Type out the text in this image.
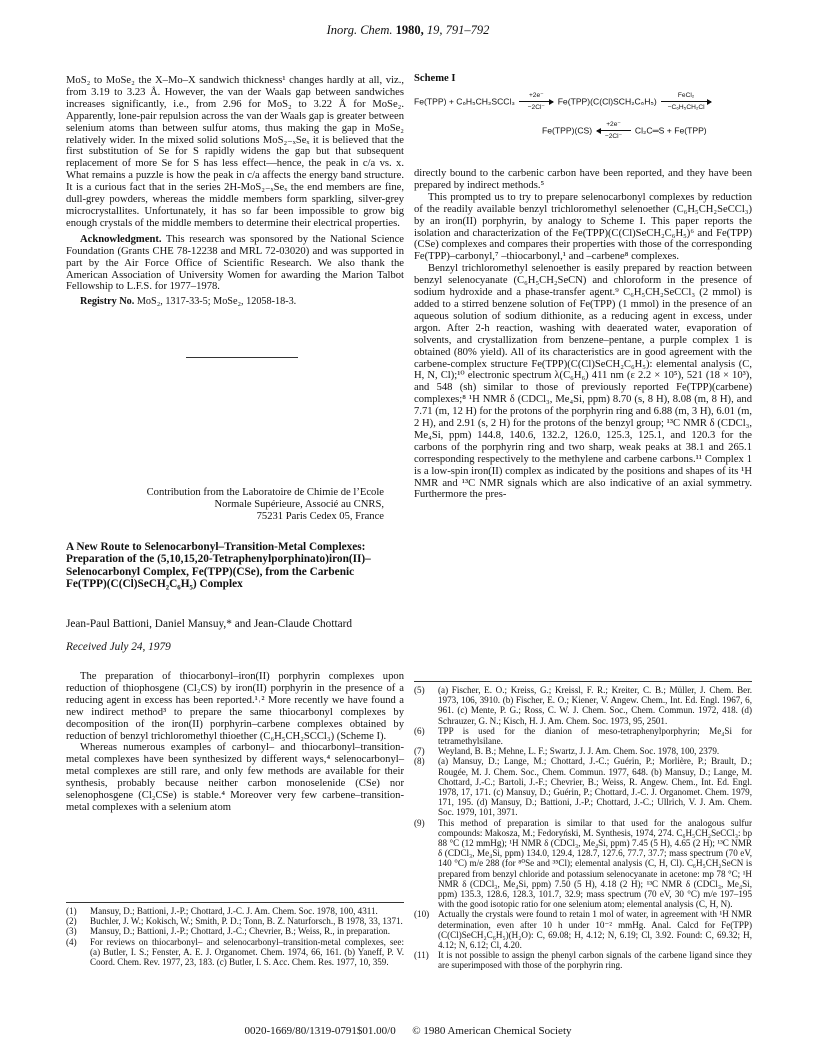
Inorg. Chem. 1980, 19, 791–792

MoS₂ to MoSe₂ the X–Mo–X sandwich thickness¹ changes hardly at all, viz., from 3.19 to 3.23 Å. However, the van der Waals gap between sandwiches increases significantly, i.e., from 2.96 for MoS₂ to 3.22 Å for MoSe₂. Apparently, lone-pair repulsion across the van der Waals gap is greater between selenium atoms than between sulfur atoms, thus making the gap in MoSe₂ relatively wider. In the mixed solid solutions MoS₂₋ₓSeₓ it is believed that the first substitution of Se for S rapidly widens the gap but that subsequent replacement of more Se for S has less effect—hence, the peak in c/a vs. x. What remains a puzzle is how the peak in c/a affects the energy band structure. It is a curious fact that in the series 2H-MoS₂₋ₓSeₓ the end members are fine, dull-grey powders, whereas the middle members form sparkling, silver-grey microcrystallites. Unfortunately, it has so far been impossible to grow big enough crystals of the middle members to determine their electrical properties.

Acknowledgment. This research was sponsored by the National Science Foundation (Grants CHE 78-12238 and MRL 72-03020) and was supported in part by the Air Force Office of Scientific Research. We also thank the American Association of University Women for awarding the Marion Talbot Fellowship to L.F.S. for 1977–1978.

Registry No. MoS₂, 1317-33-5; MoSe₂, 12058-18-3.

Contribution from the Laboratoire de Chimie de l’Ecole
Normale Supérieure, Associé au CNRS,
75231 Paris Cedex 05, France
A New Route to Selenocarbonyl–Transition-Metal Complexes: Preparation of the (5,10,15,20-Tetraphenylporphinato)iron(II)–Selenocarbonyl Complex, Fe(TPP)(CSe), from the Carbenic Fe(TPP)(C(Cl)SeCH₂C₆H₅) Complex
Jean-Paul Battioni, Daniel Mansuy,* and Jean-Claude Chottard
Received July 24, 1979

The preparation of thiocarbonyl–iron(II) porphyrin complexes upon reduction of thiophosgene (Cl₂CS) by iron(II) porphyrin in the presence of a reducing agent in excess has been reported.¹˒² More recently we have found a new indirect method³ to prepare the same thiocarbonyl complexes by decomposition of the iron(II) porphyrin–carbene complexes obtained by reduction of benzyl trichloromethyl thioether (C₆H₅CH₂SCCl₃) (Scheme I).

Whereas numerous examples of carbonyl– and thiocarbonyl–transition-metal complexes have been synthesized by different ways,⁴ selenocarbonyl–metal complexes are still rare, and only few methods are available for their synthesis, probably because neither carbon monoselenide (CSe) nor selenophosgene (Cl₂CSe) is stable.⁴ Moreover very few carbene–transition-metal complexes with a selenium atom

(1) Mansuy, D.; Battioni, J.-P.; Chottard, J.-C. J. Am. Chem. Soc. 1978, 100, 4311.
(2) Buchler, J. W.; Kokisch, W.; Smith, P. D.; Tonn, B. Z. Naturforsch., B 1978, 33, 1371.
(3) Mansuy, D.; Battioni, J.-P.; Chottard, J.-C.; Chevrier, B.; Weiss, R., in preparation.
(4) For reviews on thiocarbonyl– and selenocarbonyl–transition-metal complexes, see: (a) Butler, I. S.; Fenster, A. E. J. Organomet. Chem. 1974, 66, 161. (b) Yaneff, P. V. Coord. Chem. Rev. 1977, 23, 183. (c) Butler, I. S. Acc. Chem. Res. 1977, 10, 359.
Scheme I
Fe(TPP) + C₆H₅CH₂SCCl₃ $\frac{+2e^-}{-2Cl^-} Fe(TPP)(C(Cl)SCH_2C_6H_5)$
FeCl₂
−C₆H₅CH₂Cl
$Fe(TPP)(CS) \frac{+2e^-}{-2Cl^-}$ Cl₂C═S + Fe(TPP)

directly bound to the carbenic carbon have been reported, and they have been prepared by indirect methods.⁵

This prompted us to try to prepare selenocarbonyl complexes by reduction of the readily available benzyl trichloromethyl selenoether (C₆H₅CH₂SeCCl₃) by an iron(II) porphyrin, by analogy to Scheme I. This paper reports the isolation and characterization of the Fe(TPP)(C(Cl)SeCH₂C₆H₅)⁶ and Fe(TPP)(CSe) complexes and compares their properties with those of the corresponding Fe(TPP)–carbonyl,⁷ –thiocarbonyl,¹ and –carbene⁸ complexes.

Benzyl trichloromethyl selenoether is easily prepared by reaction between benzyl selenocyanate (C₆H₅CH₂SeCN) and chloroform in the presence of sodium hydroxide and a phase-transfer agent.⁹ C₆H₅CH₂SeCCl₃ (2 mmol) is added to a stirred benzene solution of Fe(TPP) (1 mmol) in the presence of an aqueous solution of sodium dithionite, as a reducing agent in excess, under argon. After 2-h reaction, washing with deaerated water, evaporation of solvents, and crystallization from benzene–pentane, a purple complex 1 is obtained (80% yield). All of its characteristics are in good agreement with the carbene-complex structure Fe(TPP)(C(Cl)SeCH₂C₆H₅): elemental analysis (C, H, N, Cl);¹⁰ electronic spectrum λ(C₆H₆) 411 nm (ε 2.2 × 10⁵), 521 (18 × 10³), and 548 (sh) similar to those of previously reported Fe(TPP)(carbene) complexes;⁸ ¹H NMR δ (CDCl₃, Me₄Si, ppm) 8.70 (s, 8 H), 8.08 (m, 8 H), and 7.71 (m, 12 H) for the protons of the porphyrin ring and 6.88 (m, 3 H), 6.01 (m, 2 H), and 2.91 (s, 2 H) for the protons of the benzyl group; ¹³C NMR δ (CDCl₃, Me₄Si, ppm) 144.8, 140.6, 132.2, 126.0, 125.3, 125.1, and 120.3 for the carbons of the porphyrin ring and two sharp, weak peaks at 38.1 and 265.1 corresponding respectively to the methylene and carbene carbons.¹¹ Complex 1 is a low-spin iron(II) complex as indicated by the positions and shapes of its ¹H NMR and ¹³C NMR signals which are also indicative of an axial symmetry. Furthermore the pres-

(5) (a) Fischer, E. O.; Kreiss, G.; Kreissl, F. R.; Kreiter, C. B.; Müller, J. Chem. Ber. 1973, 106, 3910. (b) Fischer, E. O.; Kiener, V. Angew. Chem., Int. Ed. Engl. 1967, 6, 961. (c) Mente, P. G.; Ross, C. W. J. Chem. Soc., Chem. Commun. 1972, 418. (d) Schrauzer, G. N.; Kisch, H. J. Am. Chem. Soc. 1973, 95, 2501.
(6) TPP is used for the dianion of meso-tetraphenylporphyrin; Me₄Si for tetramethylsilane.
(7) Weyland, B. B.; Mehne, L. F.; Swartz, J. J. Am. Chem. Soc. 1978, 100, 2379.
(8) (a) Mansuy, D.; Lange, M.; Chottard, J.-C.; Guérin, P.; Morlière, P.; Brault, D.; Rougée, M. J. Chem. Soc., Chem. Commun. 1977, 648. (b) Mansuy, D.; Lange, M. Chottard, J.-C.; Bartoli, J.-F.; Chevrier, B.; Weiss, R. Angew. Chem., Int. Ed. Engl. 1978, 17, 171. (c) Mansuy, D.; Guérin, P.; Chottard, J.-C. J. Organomet. Chem. 1979, 171, 195. (d) Mansuy, D.; Battioni, J.-P.; Chottard, J.-C.; Ullrich, V. J. Am. Chem. Soc. 1979, 101, 3971.
(9) This method of preparation is similar to that used for the analogous sulfur compounds: Makosza, M.; Fedoryński, M. Synthesis, 1974, 274. C₆H₅CH₂SeCCl₃: bp 88 °C (12 mmHg); ¹H NMR δ (CDCl₃, Me₄Si, ppm) 7.45 (5 H), 4.65 (2 H); ¹³C NMR δ (CDCl₃, Me₄Si, ppm) 134.0, 129.4, 128.7, 127.6, 77.7, 37.7; mass spectrum (70 eV, 140 °C) m/e 288 (for ⁸⁰Se and ³⁵Cl); elemental analysis (C, H, Cl). C₆H₅CH₂SeCN is prepared from benzyl chloride and potassium selenocyanate in acetone: mp 78 °C; ¹H NMR δ (CDCl₃, Me₄Si, ppm) 7.50 (5 H), 4.18 (2 H); ¹³C NMR δ (CDCl₃, Me₄Si, ppm) 135.3, 128.6, 128.3, 101.7, 32.9; mass spectrum (70 eV, 30 °C) m/e 197–195 with the good isotopic ratio for one selenium atom; elemental analysis (C, H, N).
(10) Actually the crystals were found to retain 1 mol of water, in agreement with ¹H NMR determination, even after 10 h under 10⁻² mmHg. Anal. Calcd for Fe(TPP)(C(Cl)SeCH₂C₆H₅)(H₂O): C, 69.08; H, 4.12; N, 6.19; Cl, 3.92. Found: C, 69.32; H, 4.12; N, 6.12; Cl, 4.20.
(11) It is not possible to assign the phenyl carbon signals of the carbene ligand since they are superimposed with those of the porphyrin ring.
0020-1669/80/1319-0791$01.00/0 © 1980 American Chemical Society
